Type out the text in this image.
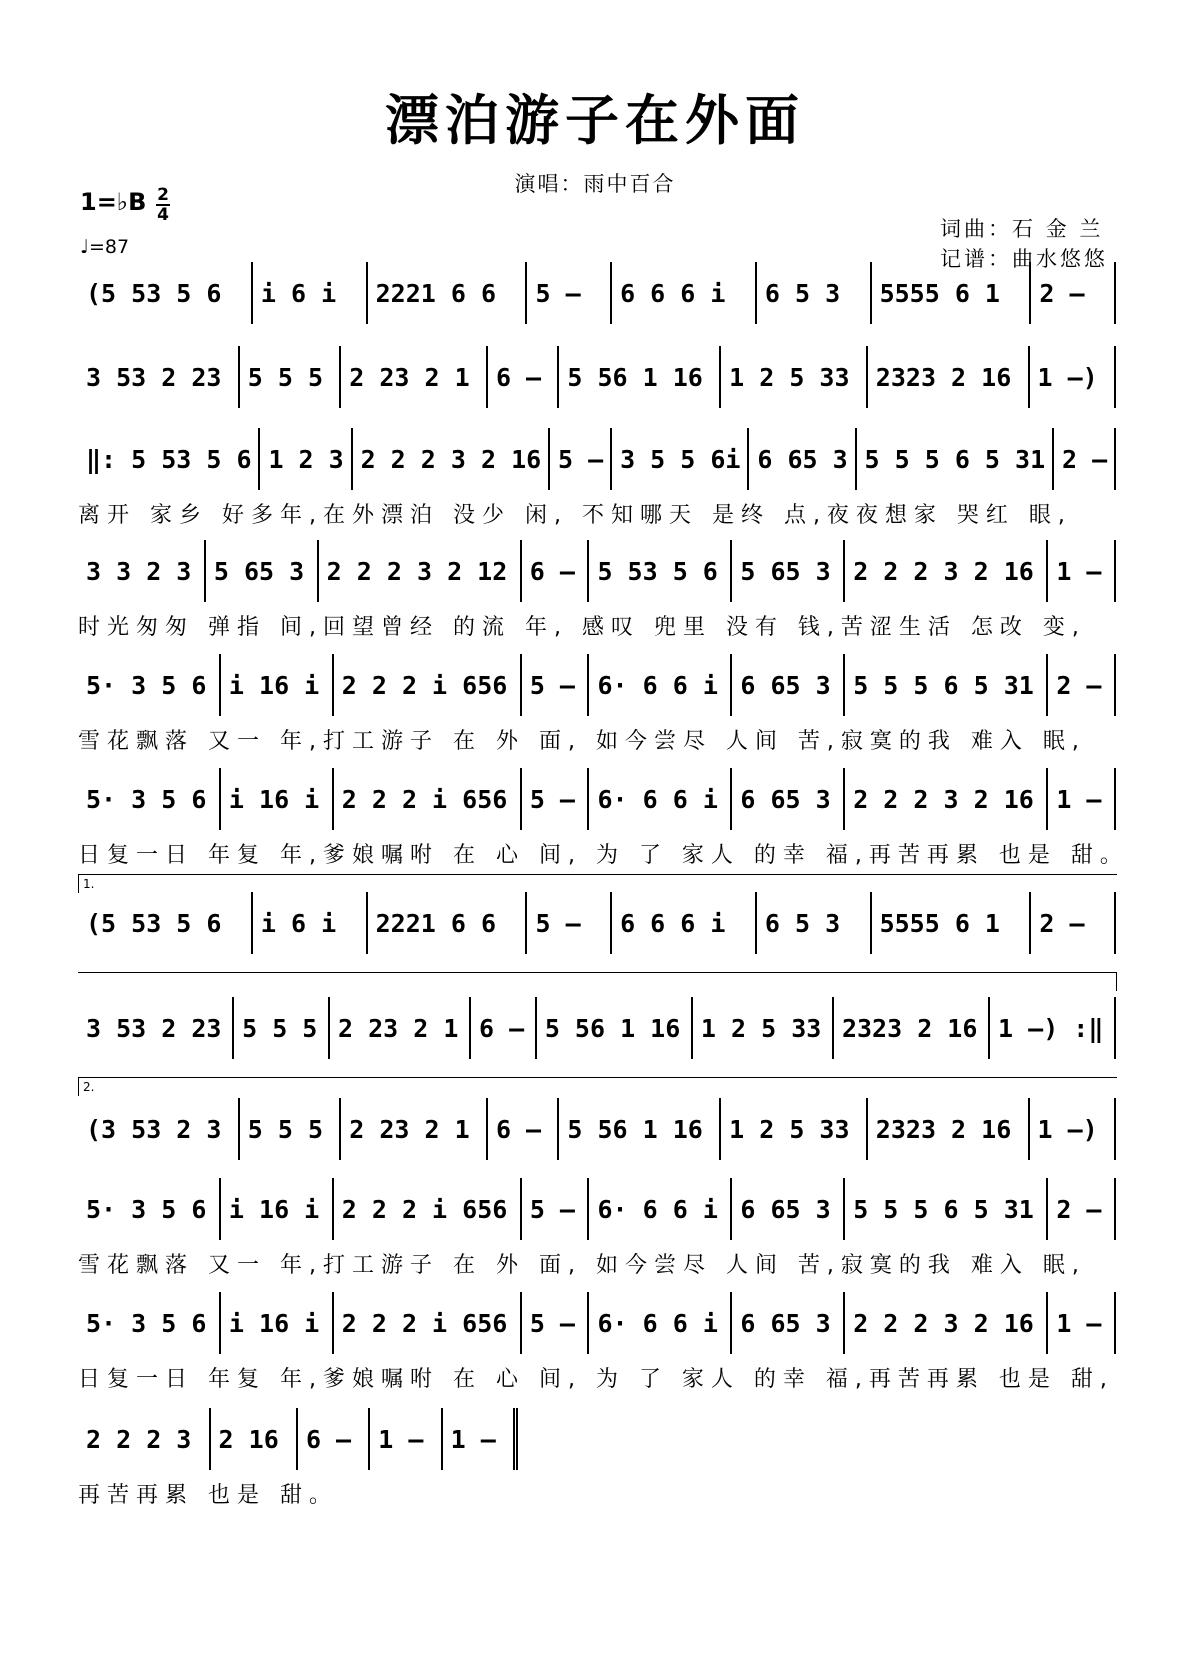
漂泊游子在外面
演唱：雨中百合
1=♭B 2
4
♩=87
词曲：石 金 兰
记谱：曲水悠悠
1.
2.
(5 53 5 6	i 6 i	2221 6 6	5 –	6 6 6 i	6 5 3	5555 6 1	2 –
3 53 2 23	5 5 5	2 23 2 1	6 –	5 56 1 16	1 2 5 33	2323 2 16	1 –)
‖: 5 53 5 6 1 2 3 2 2 2 3 2 16 5 – 3 5 5 6i 6 65 3 5 5 5 6 5 31 2 –
离开 家乡 好多年,在外漂泊 没少 闲, 不知哪天 是终 点,夜夜想家 哭红 眼,
3 3 2 3 5 65 3 2 2 2 3 2 12 6 – 5 53 5 6 5 65 3 2 2 2 3 2 16 1 –
时光匆匆 弹指 间,回望曾经 的流 年, 感叹 兜里 没有 钱,苦涩生活 怎改 变,
5· 3 5 6 i 16 i 2 2 2 i 656 5 – 6· 6 6 i 6 65 3 5 5 5 6 5 31 2 –
雪花飘落 又一 年,打工游子 在 外 面, 如今尝尽 人间 苦,寂寞的我 难入 眠,
5· 3 5 6 i 16 i 2 2 2 i 656 5 – 6· 6 6 i 6 65 3 2 2 2 3 2 16 1 –
日复一日 年复 年,爹娘嘱咐 在 心 间, 为 了 家人 的幸 福,再苦再累 也是 甜。
(5 53 5 6	i 6 i	2221 6 6	5 –	6 6 6 i	6 5 3	5555 6 1	2 –
3 53 2 23 5 5 5 2 23 2 1 6 – 5 56 1 16 1 2 5 33 2323 2 16 1 –) :‖
(3 53 2 3	5 5 5	2 23 2 1	6 –	5 56 1 16	1 2 5 33	2323 2 16	1 –)
5· 3 5 6 i 16 i 2 2 2 i 656 5 – 6· 6 6 i 6 65 3 5 5 5 6 5 31 2 –
雪花飘落 又一 年,打工游子 在 外 面, 如今尝尽 人间 苦,寂寞的我 难入 眠,
5· 3 5 6 i 16 i 2 2 2 i 656 5 – 6· 6 6 i 6 65 3 2 2 2 3 2 16 1 –
日复一日 年复 年,爹娘嘱咐 在 心 间, 为 了 家人 的幸 福,再苦再累 也是 甜,
2 2 2 3	2 16	6 –	1 –	1 –
再苦再累 也是 甜。
